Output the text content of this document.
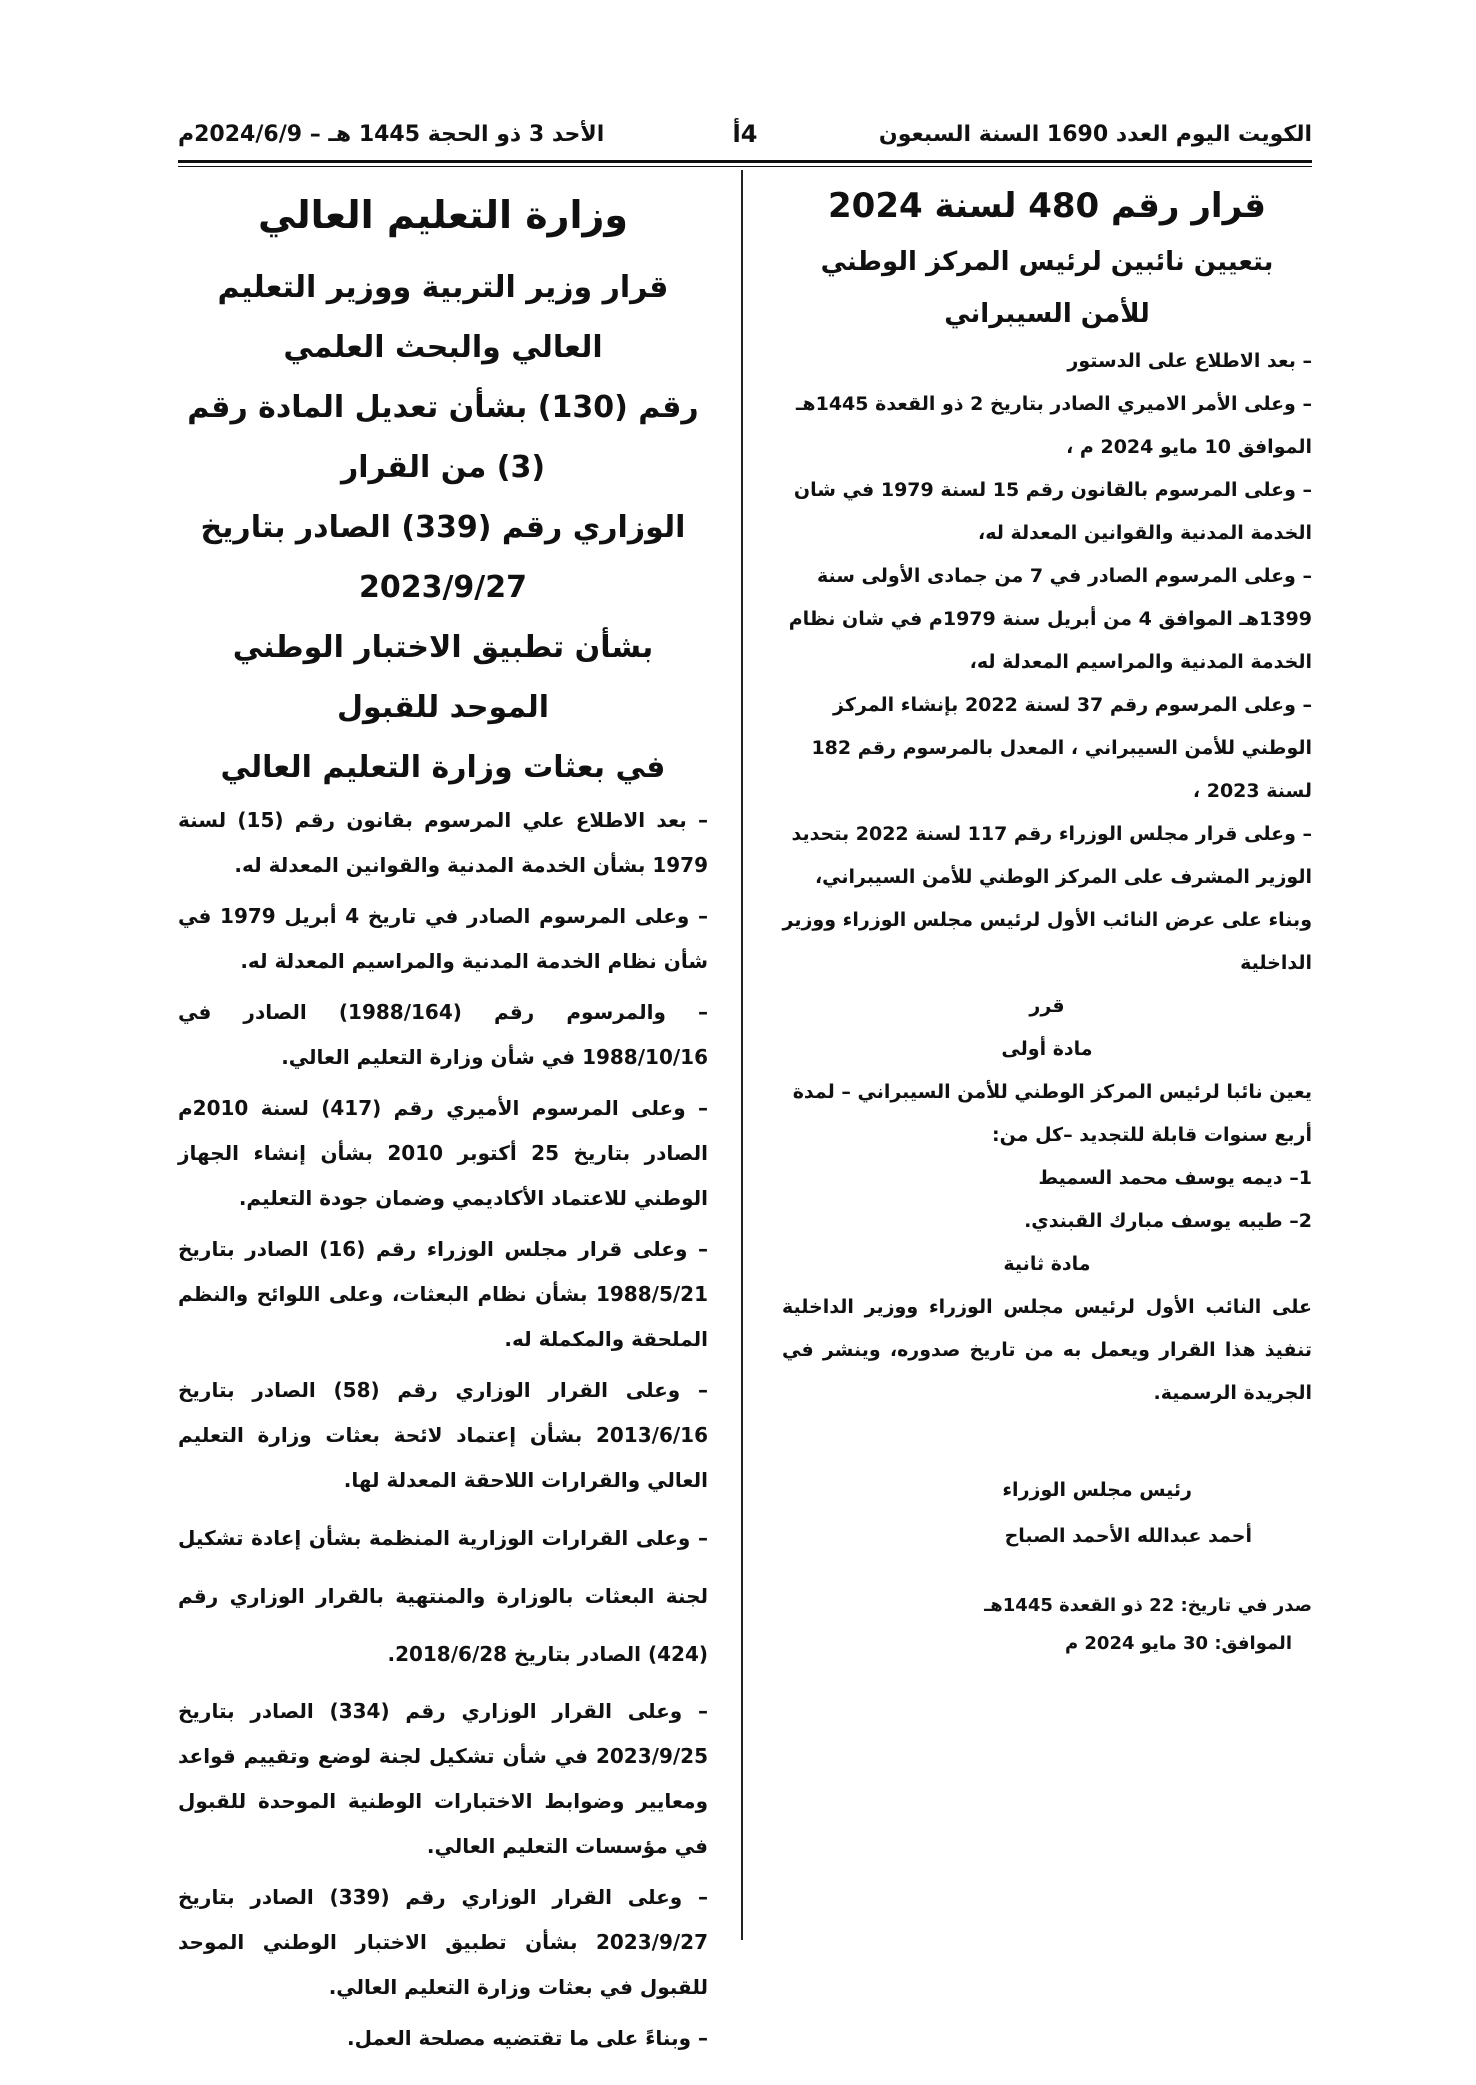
الكويت اليوم العدد 1690 السنة السبعون
4أ
الأحد 3 ذو الحجة 1445 هـ – 2024/6/9م
قرار رقم 480 لسنة 2024
بتعيين نائبين لرئيس المركز الوطني للأمن السيبراني

– بعد الاطلاع على الدستور

– وعلى الأمر الاميري الصادر بتاريخ 2 ذو القعدة 1445هـ الموافق 10 مايو 2024 م ،

– وعلى المرسوم بالقانون رقم 15 لسنة 1979 في شان الخدمة المدنية والقوانين المعدلة له،

– وعلى المرسوم الصادر في 7 من جمادى الأولى سنة 1399هـ الموافق 4 من أبريل سنة 1979م في شان نظام الخدمة المدنية والمراسيم المعدلة له،

– وعلى المرسوم رقم 37 لسنة 2022 بإنشاء المركز الوطني للأمن السيبراني ، المعدل بالمرسوم رقم 182 لسنة 2023 ،

– وعلى قرار مجلس الوزراء رقم 117 لسنة 2022 بتحديد الوزير المشرف على المركز الوطني للأمن السيبراني،

وبناء على عرض النائب الأول لرئيس مجلس الوزراء ووزير الداخلية

قرر

مادة أولى

يعين نائبا لرئيس المركز الوطني للأمن السيبراني – لمدة أربع سنوات قابلة للتجديد –كل من:

1– ديمه يوسف محمد السميط

2– طيبه يوسف مبارك القبندي.

مادة ثانية

على النائب الأول لرئيس مجلس الوزراء ووزير الداخلية تنفيذ هذا القرار ويعمل به من تاريخ صدوره، وينشر في الجريدة الرسمية.

رئيس مجلس الوزراء

أحمد عبدالله الأحمد الصباح

صدر في تاريخ: 22 ذو القعدة 1445هـ

الموافق: 30 مايو 2024 م

وزارة التعليم العالي
قرار وزير التربية ووزير التعليم العالي والبحث العلمي
رقم (130) بشأن تعديل المادة رقم (3) من القرار
الوزاري رقم (339) الصادر بتاريخ 2023/9/27
بشأن تطبيق الاختبار الوطني الموحد للقبول
في بعثات وزارة التعليم العالي

– بعد الاطلاع علي المرسوم بقانون رقم (15) لسنة 1979 بشأن الخدمة المدنية والقوانين المعدلة له.

– وعلى المرسوم الصادر في تاريخ 4 أبريل 1979 في شأن نظام الخدمة المدنية والمراسيم المعدلة له.

– والمرسوم رقم (1988/164) الصادر في 1988/10/16 في شأن وزارة التعليم العالي.

– وعلى المرسوم الأميري رقم (417) لسنة 2010م الصادر بتاريخ 25 أكتوبر 2010 بشأن إنشاء الجهاز الوطني للاعتماد الأكاديمي وضمان جودة التعليم.

– وعلى قرار مجلس الوزراء رقم (16) الصادر بتاريخ 1988/5/21 بشأن نظام البعثات، وعلى اللوائح والنظم الملحقة والمكملة له.

– وعلى القرار الوزاري رقم (58) الصادر بتاريخ 2013/6/16 بشأن إعتماد لائحة بعثات وزارة التعليم العالي والقرارات اللاحقة المعدلة لها.

– وعلى القرارات الوزارية المنظمة بشأن إعادة تشكيل لجنة البعثات بالوزارة والمنتهية بالقرار الوزاري رقم (424) الصادر بتاريخ 2018/6/28.

– وعلى القرار الوزاري رقم (334) الصادر بتاريخ 2023/9/25 في شأن تشكيل لجنة لوضع وتقييم قواعد ومعايير وضوابط الاختبارات الوطنية الموحدة للقبول في مؤسسات التعليم العالي.

– وعلى القرار الوزاري رقم (339) الصادر بتاريخ 2023/9/27 بشأن تطبيق الاختبار الوطني الموحد للقبول في بعثات وزارة التعليم العالي.

– وبناءً على ما تقتضيه مصلحة العمل.
